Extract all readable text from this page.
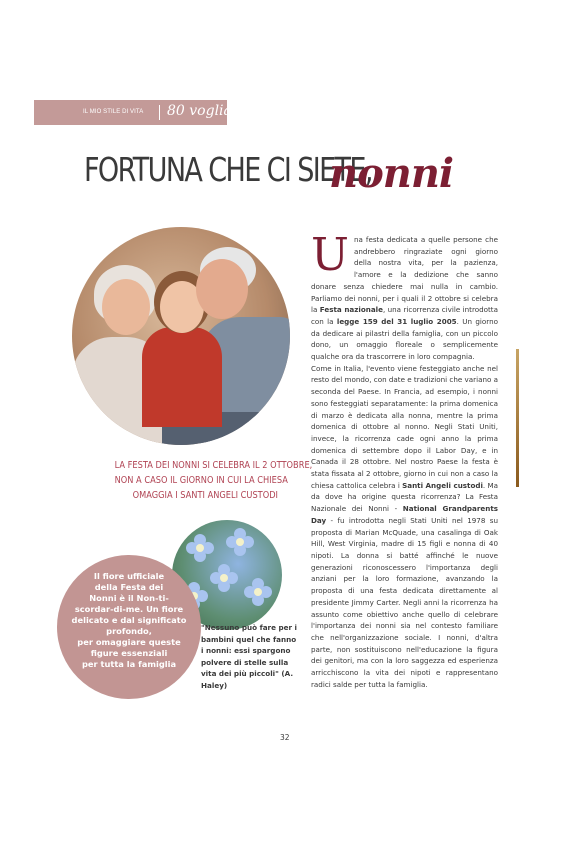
IL MIO STILE DI VITA 80 voglia di...
FORTUNA CHE CI SIETE,
nonni
LA FESTA DEI NONNI SI CELEBRA IL 2 OTTOBRE,
NON A CASO IL GIORNO IN CUI LA CHIESA
OMAGGIA I SANTI ANGELI CUSTODI
Il fiore ufficiale
della Festa dei
Nonni è il Non-ti-
scordar-di-me. Un fiore
delicato e dal significato
profondo,
per omaggiare queste
figure essenziali
per tutta la famiglia
"Nessuno può fare per i bambini quel che fanno i nonni: essi spargono polvere di stelle sulla vita dei più piccoli" (A. Haley)

Una festa dedicata a quelle persone che andrebbero ringraziate ogni giorno della nostra vita, per la pazienza, l'amore e la dedizione che sanno donare senza chiedere mai nulla in cambio. Parliamo dei nonni, per i quali il 2 ottobre si celebra la Festa nazionale, una ricorrenza civile introdotta con la legge 159 del 31 luglio 2005. Un giorno da dedicare ai pilastri della famiglia, con un piccolo dono, un omaggio floreale o semplicemente qualche ora da trascorrere in loro compagnia.

Come in Italia, l'evento viene festeggiato anche nel resto del mondo, con date e tradizioni che variano a seconda del Paese. In Francia, ad esempio, i nonni sono festeggiati separatamente: la prima domenica di marzo è dedicata alla nonna, mentre la prima domenica di ottobre al nonno. Negli Stati Uniti, invece, la ricorrenza cade ogni anno la prima domenica di settembre dopo il Labor Day, e in Canada il 28 ottobre. Nel nostro Paese la festa è stata fissata al 2 ottobre, giorno in cui non a caso la chiesa cattolica celebra i Santi Angeli custodi. Ma da dove ha origine questa ricorrenza? La Festa Nazionale dei Nonni - National Grandparents Day - fu introdotta negli Stati Uniti nel 1978 su proposta di Marian McQuade, una casalinga di Oak Hill, West Virginia, madre di 15 figli e nonna di 40 nipoti. La donna si batté affinché le nuove generazioni riconoscessero l'importanza degli anziani per la loro formazione, avanzando la proposta di una festa dedicata direttamente al presidente Jimmy Carter. Negli anni la ricorrenza ha assunto come obiettivo anche quello di celebrare l'importanza dei nonni sia nel contesto familiare che nell'organizzazione sociale. I nonni, d'altra parte, non sostituiscono nell'educazione la figura dei genitori, ma con la loro saggezza ed esperienza arricchiscono la vita dei nipoti e rappresentano radici salde per tutta la famiglia.

32
